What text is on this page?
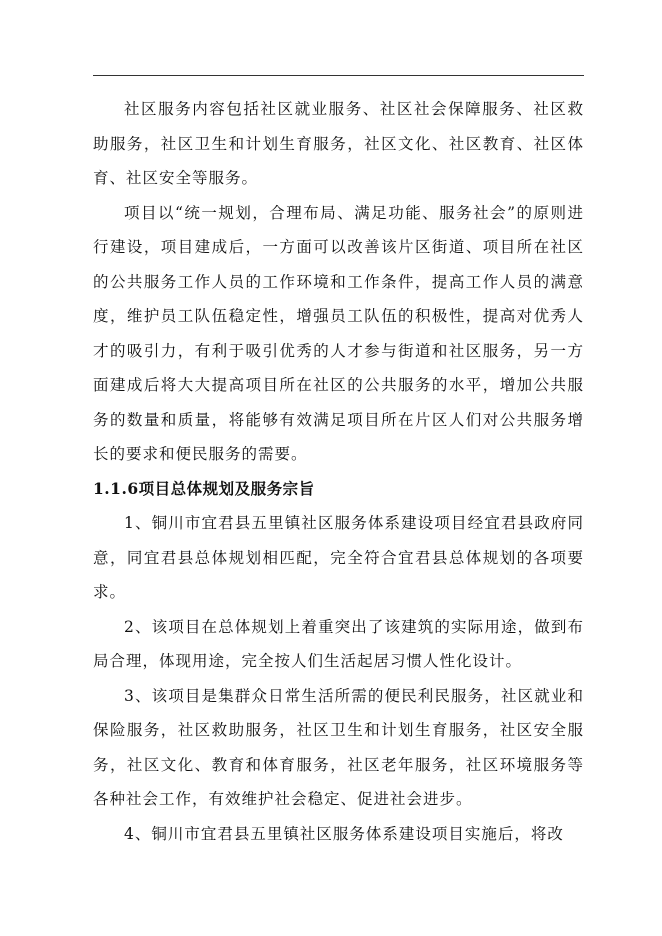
社区服务内容包括社区就业服务、社区社会保障服务、社区救助服务，社区卫生和计划生育服务，社区文化、社区教育、社区体育、社区安全等服务。

项目以“统一规划，合理布局、满足功能、服务社会”的原则进行建设，项目建成后，一方面可以改善该片区街道、项目所在社区的公共服务工作人员的工作环境和工作条件，提高工作人员的满意度，维护员工队伍稳定性，增强员工队伍的积极性，提高对优秀人才的吸引力，有利于吸引优秀的人才参与街道和社区服务，另一方面建成后将大大提高项目所在社区的公共服务的水平，增加公共服务的数量和质量，将能够有效满足项目所在片区人们对公共服务增长的要求和便民服务的需要。

1.1.6项目总体规划及服务宗旨

1、铜川市宜君县五里镇社区服务体系建设项目经宜君县政府同意，同宜君县总体规划相匹配，完全符合宜君县总体规划的各项要求。

2、该项目在总体规划上着重突出了该建筑的实际用途，做到布局合理，体现用途，完全按人们生活起居习惯人性化设计。

3、该项目是集群众日常生活所需的便民利民服务，社区就业和保险服务，社区救助服务，社区卫生和计划生育服务，社区安全服务，社区文化、教育和体育服务，社区老年服务，社区环境服务等各种社会工作，有效维护社会稳定、促进社会进步。

4、铜川市宜君县五里镇社区服务体系建设项目实施后，将改
